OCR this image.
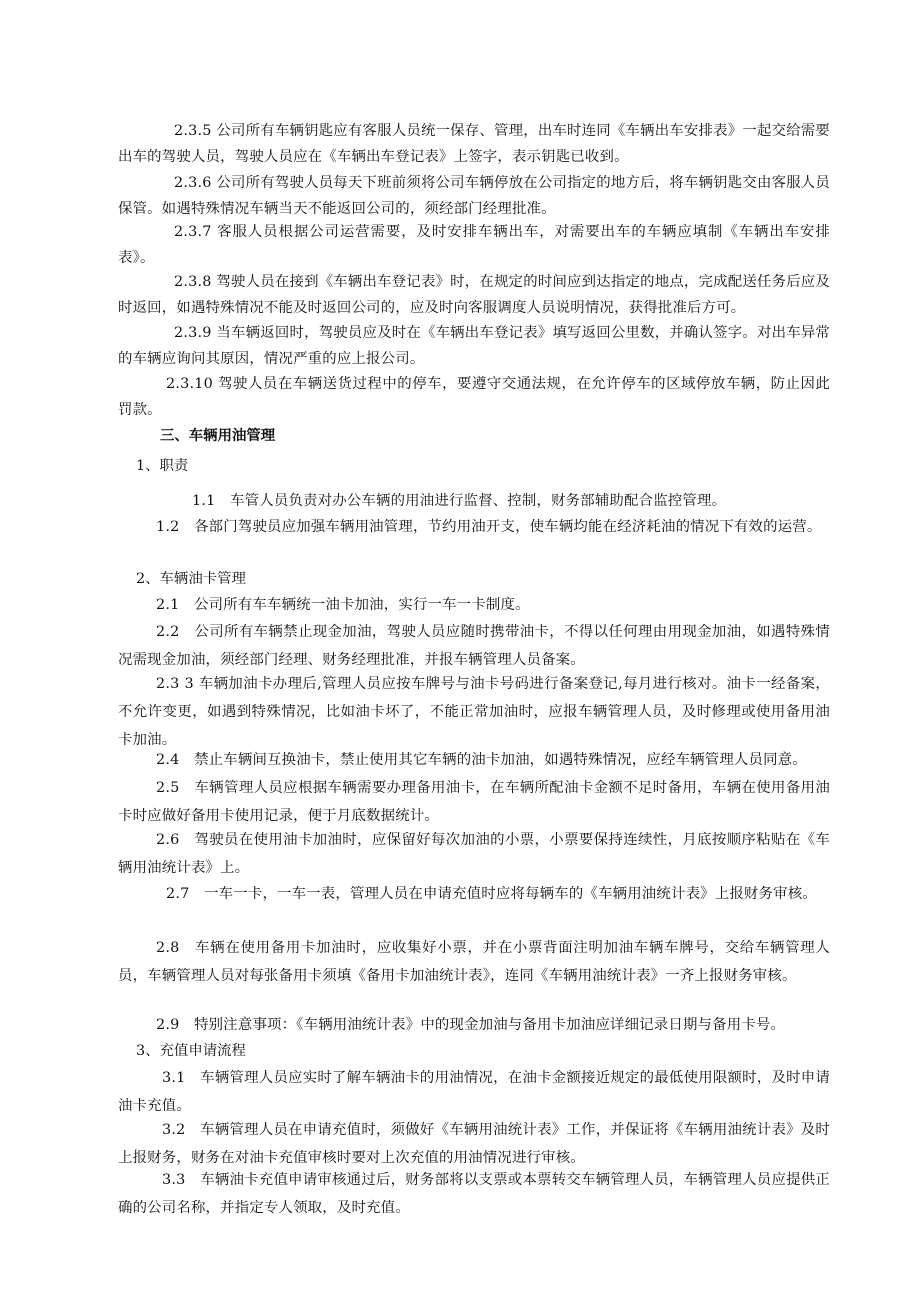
2.3.5 公司所有车辆钥匙应有客服人员统一保存、管理，出车时连同《车辆出车安排表》一起交给需要出车的驾驶人员，驾驶人员应在《车辆出车登记表》上签字，表示钥匙已收到。

2.3.6 公司所有驾驶人员每天下班前须将公司车辆停放在公司指定的地方后，将车辆钥匙交由客服人员保管。如遇特殊情况车辆当天不能返回公司的，须经部门经理批准。

2.3.7 客服人员根据公司运营需要，及时安排车辆出车，对需要出车的车辆应填制《车辆出车安排表》。

2.3.8 驾驶人员在接到《车辆出车登记表》时，在规定的时间应到达指定的地点，完成配送任务后应及时返回，如遇特殊情况不能及时返回公司的，应及时向客服调度人员说明情况，获得批准后方可。

2.3.9 当车辆返回时，驾驶员应及时在《车辆出车登记表》填写返回公里数，并确认签字。对出车异常的车辆应询问其原因，情况严重的应上报公司。

2.3.10 驾驶人员在车辆送货过程中的停车，要遵守交通法规，在允许停车的区域停放车辆，防止因此罚款。

三、车辆用油管理

1、职责

1.1　车管人员负责对办公车辆的用油进行监督、控制，财务部辅助配合监控管理。

1.2　各部门驾驶员应加强车辆用油管理，节约用油开支，使车辆均能在经济耗油的情况下有效的运营。

2、车辆油卡管理

2.1　公司所有车车辆统一油卡加油，实行一车一卡制度。

2.2　公司所有车辆禁止现金加油，驾驶人员应随时携带油卡，不得以任何理由用现金加油，如遇特殊情况需现金加油，须经部门经理、财务经理批准，并报车辆管理人员备案。

2.3 3 车辆加油卡办理后,管理人员应按车牌号与油卡号码进行备案登记,每月进行核对。油卡一经备案，不允许变更，如遇到特殊情况，比如油卡坏了，不能正常加油时，应报车辆管理人员，及时修理或使用备用油卡加油。

2.4　禁止车辆间互换油卡，禁止使用其它车辆的油卡加油，如遇特殊情况，应经车辆管理人员同意。

2.5　车辆管理人员应根据车辆需要办理备用油卡，在车辆所配油卡金额不足时备用，车辆在使用备用油卡时应做好备用卡使用记录，便于月底数据统计。

2.6　驾驶员在使用油卡加油时，应保留好每次加油的小票，小票要保持连续性，月底按顺序粘贴在《车辆用油统计表》上。

2.7　一车一卡，一车一表，管理人员在申请充值时应将每辆车的《车辆用油统计表》上报财务审核。

2.8　车辆在使用备用卡加油时，应收集好小票，并在小票背面注明加油车辆车牌号，交给车辆管理人员，车辆管理人员对每张备用卡须填《备用卡加油统计表》，连同《车辆用油统计表》一齐上报财务审核。

2.9　特别注意事项：《车辆用油统计表》中的现金加油与备用卡加油应详细记录日期与备用卡号。

3、充值申请流程

3.1　车辆管理人员应实时了解车辆油卡的用油情况，在油卡金额接近规定的最低使用限额时，及时申请油卡充值。

3.2　车辆管理人员在申请充值时，须做好《车辆用油统计表》工作，并保证将《车辆用油统计表》及时上报财务，财务在对油卡充值审核时要对上次充值的用油情况进行审核。

3.3　车辆油卡充值申请审核通过后，财务部将以支票或本票转交车辆管理人员，车辆管理人员应提供正确的公司名称，并指定专人领取，及时充值。
